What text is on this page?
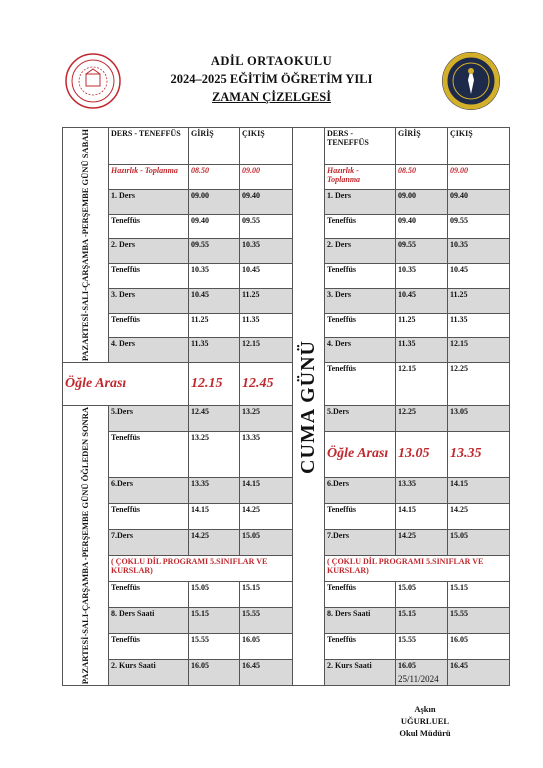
ADİL ORTAOKULU
2024–2025 EĞİTİM ÖĞRETİM YILI
ZAMAN ÇİZELGESİ
PAZARTESİ-SALI-ÇARŞAMBA -PERŞEMBE GÜNÜ SABAH	DERS - TENEFFÜS	GİRİŞ	ÇIKIŞ	CUMA GÜNÜ	DERS - TENEFFÜS	GİRİŞ	ÇIKIŞ
	Hazırlık - Toplanma	08.50	09.00		Hazırlık - Toplanma	08.50	09.00
	1. Ders	09.00	09.40		1. Ders	09.00	09.40
	Teneffüs	09.40	09.55		Teneffüs	09.40	09.55
	2. Ders	09.55	10.35		2. Ders	09.55	10.35
	Teneffüs	10.35	10.45		Teneffüs	10.35	10.45
	3. Ders	10.45	11.25		3. Ders	10.45	11.25
	Teneffüs	11.25	11.35		Teneffüs	11.25	11.35
	4. Ders	11.35	12.15		4. Ders	11.35	12.15
Öğle Arası		12.15	12.45		Teneffüs	12.15	12.25

PAZARTESİ-SALI-ÇARŞAMBA -PERŞEMBE GÜNÜ ÖĞLEDEN SONRA	5.Ders	12.45	13.25		5.Ders	12.25	13.05
	Teneffüs	13.25	13.35		Öğle Arası	13.05	13.35
	6.Ders	13.35	14.15		6.Ders	13.35	14.15
	Teneffüs	14.15	14.25		Teneffüs	14.15	14.25
	7.Ders	14.25	15.05		7.Ders	14.25	15.05
	( ÇOKLU DİL PROGRAMI 5.SINIFLAR VE KURSLAR)				( ÇOKLU DİL PROGRAMI 5.SINIFLAR VE KURSLAR)		
	Teneffüs	15.05	15.15		Teneffüs	15.05	15.15
	8. Ders Saati	15.15	15.55		8. Ders Saati	15.15	15.55
	Teneffüs	15.55	16.05		Teneffüs	15.55	16.05
	2. Kurs Saati	16.05	16.45		2. Kurs Saati	16.05	16.45
25/11/2024
Aşkın
UĞURLUEL
Okul Müdürü
